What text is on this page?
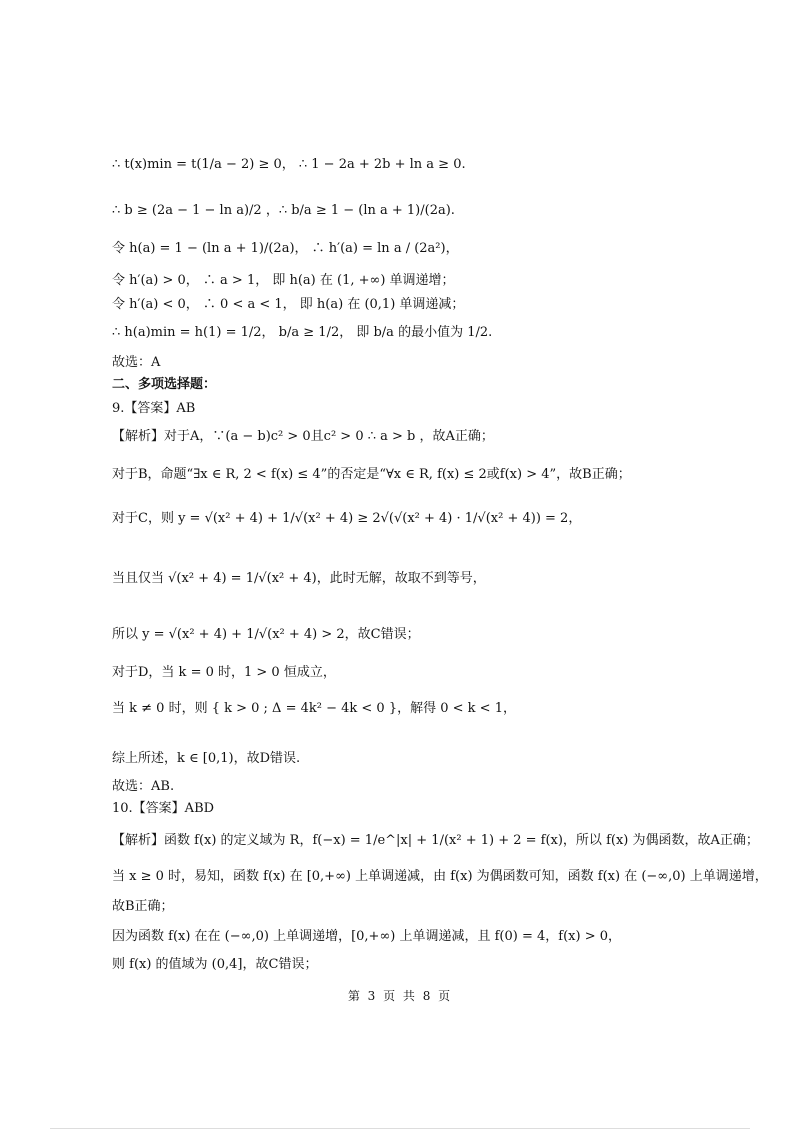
∴ t(x)min = t(1/a − 2) ≥ 0， ∴ 1 − 2a + 2b + ln a ≥ 0.
∴ b ≥ (2a − 1 − ln a)/2 ，∴ b/a ≥ 1 − (ln a + 1)/(2a).
令 h(a) = 1 − (ln a + 1)/(2a)， ∴ h′(a) = ln a / (2a²)，
令 h′(a) > 0， ∴ a > 1， 即 h(a) 在 (1, +∞) 单调递增；
令 h′(a) < 0， ∴ 0 < a < 1， 即 h(a) 在 (0,1) 单调递减；
∴ h(a)min = h(1) = 1/2， b/a ≥ 1/2， 即 b/a 的最小值为 1/2.
故选：A
二、多项选择题：
9.【答案】AB
【解析】对于A，∵(a − b)c² > 0且c² > 0 ∴ a > b ，故A正确；
对于B，命题“∃x ∈ R, 2 < f(x) ≤ 4”的否定是“∀x ∈ R, f(x) ≤ 2或f(x) > 4”，故B正确；
对于C，则 y = √(x² + 4) + 1/√(x² + 4) ≥ 2√(√(x² + 4) · 1/√(x² + 4)) = 2，
当且仅当 √(x² + 4) = 1/√(x² + 4)，此时无解，故取不到等号，
所以 y = √(x² + 4) + 1/√(x² + 4) > 2，故C错误；
对于D，当 k = 0 时，1 > 0 恒成立，
当 k ≠ 0 时，则 { k > 0 ; Δ = 4k² − 4k < 0 }，解得 0 < k < 1，
综上所述，k ∈ [0,1)，故D错误.
故选：AB.
10.【答案】ABD
【解析】函数 f(x) 的定义域为 R，f(−x) = 1/e^|x| + 1/(x² + 1) + 2 = f(x)，所以 f(x) 为偶函数，故A正确；
当 x ≥ 0 时，易知，函数 f(x) 在 [0,+∞) 上单调递减，由 f(x) 为偶函数可知，函数 f(x) 在 (−∞,0) 上单调递增，
故B正确；
因为函数 f(x) 在在 (−∞,0) 上单调递增，[0,+∞) 上单调递减，且 f(0) = 4，f(x) > 0，
则 f(x) 的值域为 (0,4]，故C错误；
第 3 页 共 8 页
